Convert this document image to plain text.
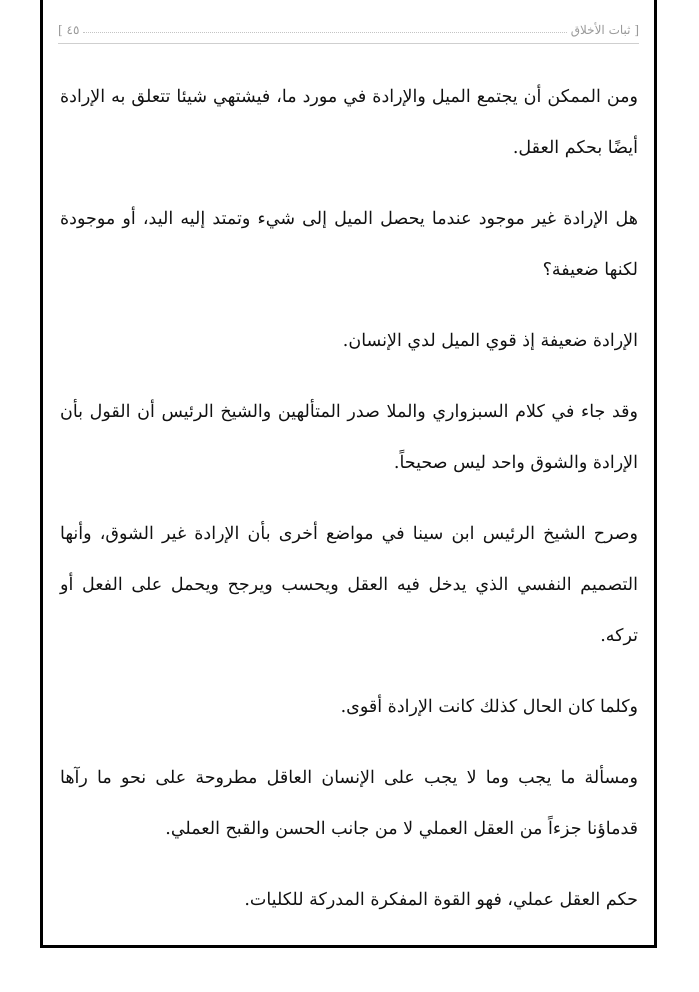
[ ثبات الأخلاق
٤٥ ]

ومن الممكن أن يجتمع الميل والإرادة في مورد ما، فيشتهي شيئا تتعلق به الإرادة أيضًا بحكم العقل.

هل الإرادة غير موجود عندما يحصل الميل إلى شيء وتمتد إليه اليد، أو موجودة لكنها ضعيفة؟

الإرادة ضعيفة إذ قوي الميل لدي الإنسان.

وقد جاء في كلام السبزواري والملا صدر المتألهين والشيخ الرئيس أن القول بأن الإرادة والشوق واحد ليس صحيحاً.

وصرح الشيخ الرئيس ابن سينا في مواضع أخرى بأن الإرادة غير الشوق، وأنها التصميم النفسي الذي يدخل فيه العقل ويحسب ويرجح ويحمل على الفعل أو تركه.

وكلما كان الحال كذلك كانت الإرادة أقوى.

ومسألة ما يجب وما لا يجب على الإنسان العاقل مطروحة على نحو ما رآها قدماؤنا جزءاً من العقل العملي لا من جانب الحسن والقبح العملي.

حكم العقل عملي، فهو القوة المفكرة المدركة للكليات.
